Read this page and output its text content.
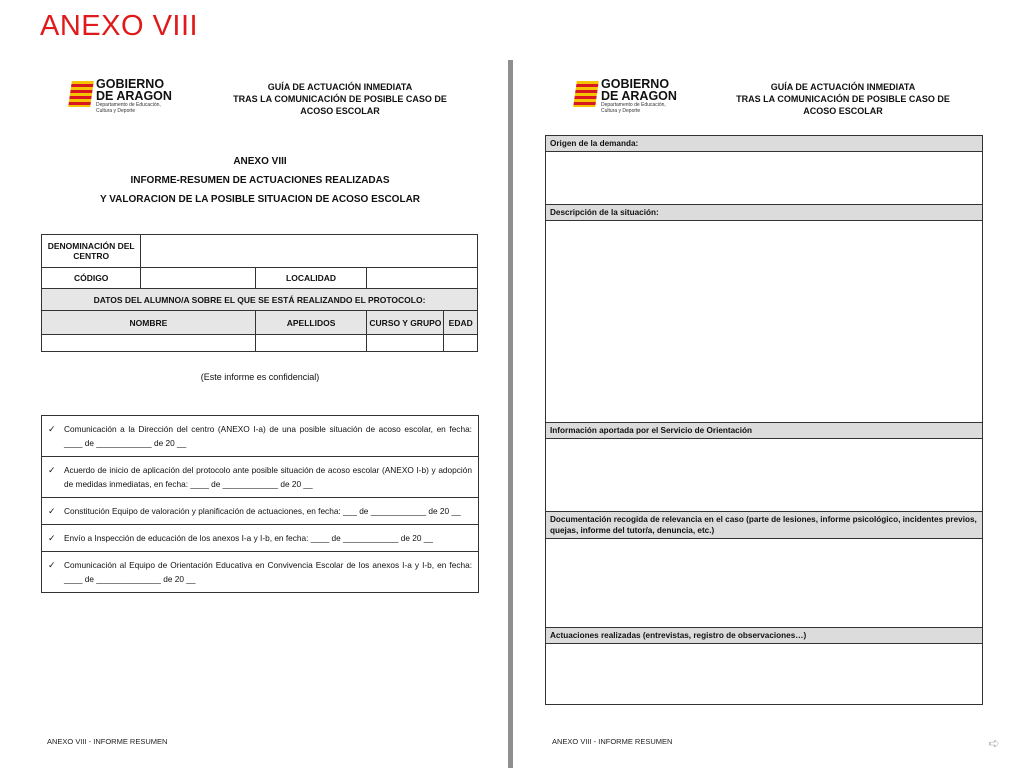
ANEXO VIII
GOBIERNO
DE ARAGON
Departamento de Educación,
Cultura y Deporte
GUÍA DE ACTUACIÓN INMEDIATA
TRAS LA COMUNICACIÓN DE POSIBLE CASO DE
ACOSO ESCOLAR
ANEXO VIII
INFORME-RESUMEN DE ACTUACIONES REALIZADAS
Y VALORACION DE LA POSIBLE SITUACION DE ACOSO ESCOLAR
DENOMINACIÓN DEL CENTRO				
CÓDIGO		LOCALIDAD		
DATOS DEL ALUMNO/A SOBRE EL QUE SE ESTÁ REALIZANDO EL PROTOCOLO:				
NOMBRE		APELLIDOS	CURSO Y GRUPO	EDAD

(Este informe es confidencial)
✓ Comunicación a la Dirección del centro (ANEXO I-a) de una posible situación de acoso escolar, en fecha: ____ de ____________ de 20 __
✓ Acuerdo de inicio de aplicación del protocolo ante posible situación de acoso escolar (ANEXO I-b) y adopción de medidas inmediatas, en fecha: ____ de ____________ de 20 __
✓ Constitución Equipo de valoración y planificación de actuaciones, en fecha: ___ de ____________ de 20 __
✓ Envío a Inspección de educación de los anexos I-a y I-b, en fecha: ____ de ____________ de 20 __
✓ Comunicación al Equipo de Orientación Educativa en Convivencia Escolar de los anexos I-a y I-b, en fecha: ____ de ______________ de 20 __
ANEXO VIII - INFORME RESUMEN
GOBIERNO
DE ARAGON
Departamento de Educación,
Cultura y Deporte
GUÍA DE ACTUACIÓN INMEDIATA
TRAS LA COMUNICACIÓN DE POSIBLE CASO DE
ACOSO ESCOLAR
Origen de la demanda:
Descripción de la situación:
Información aportada por el Servicio de Orientación
Documentación recogida de relevancia en el caso (parte de lesiones, informe psicológico, incidentes previos, quejas, informe del tutor/a, denuncia, etc.)
Actuaciones realizadas (entrevistas, registro de observaciones…)
ANEXO VIII - INFORME RESUMEN	➪
